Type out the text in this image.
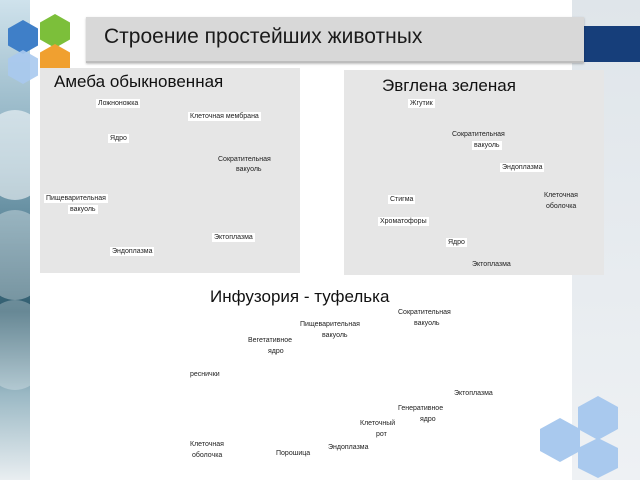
Строение простейших животных
Амеба обыкновенная
Ложноножка
Клеточная мембрана
Ядро
Сократительная
вакуоль
Пищеварительная
вакуоль
Эктоплазма
Эндоплазма
Эвглена зеленая
Жгутик
Сократительная
вакуоль
Эндоплазма
Клеточная
оболочка
Стигма
Хроматофоры
Ядро
Эктоплазма
Инфузория - туфелька
Сократительная
вакуоль
Пищеварительная
вакуоль
Вегетативное
ядро
реснички
Эктоплазма
Генеративное
ядро
Клеточный
рот
Клеточная
оболочка	Порошица
Эндоплазма
